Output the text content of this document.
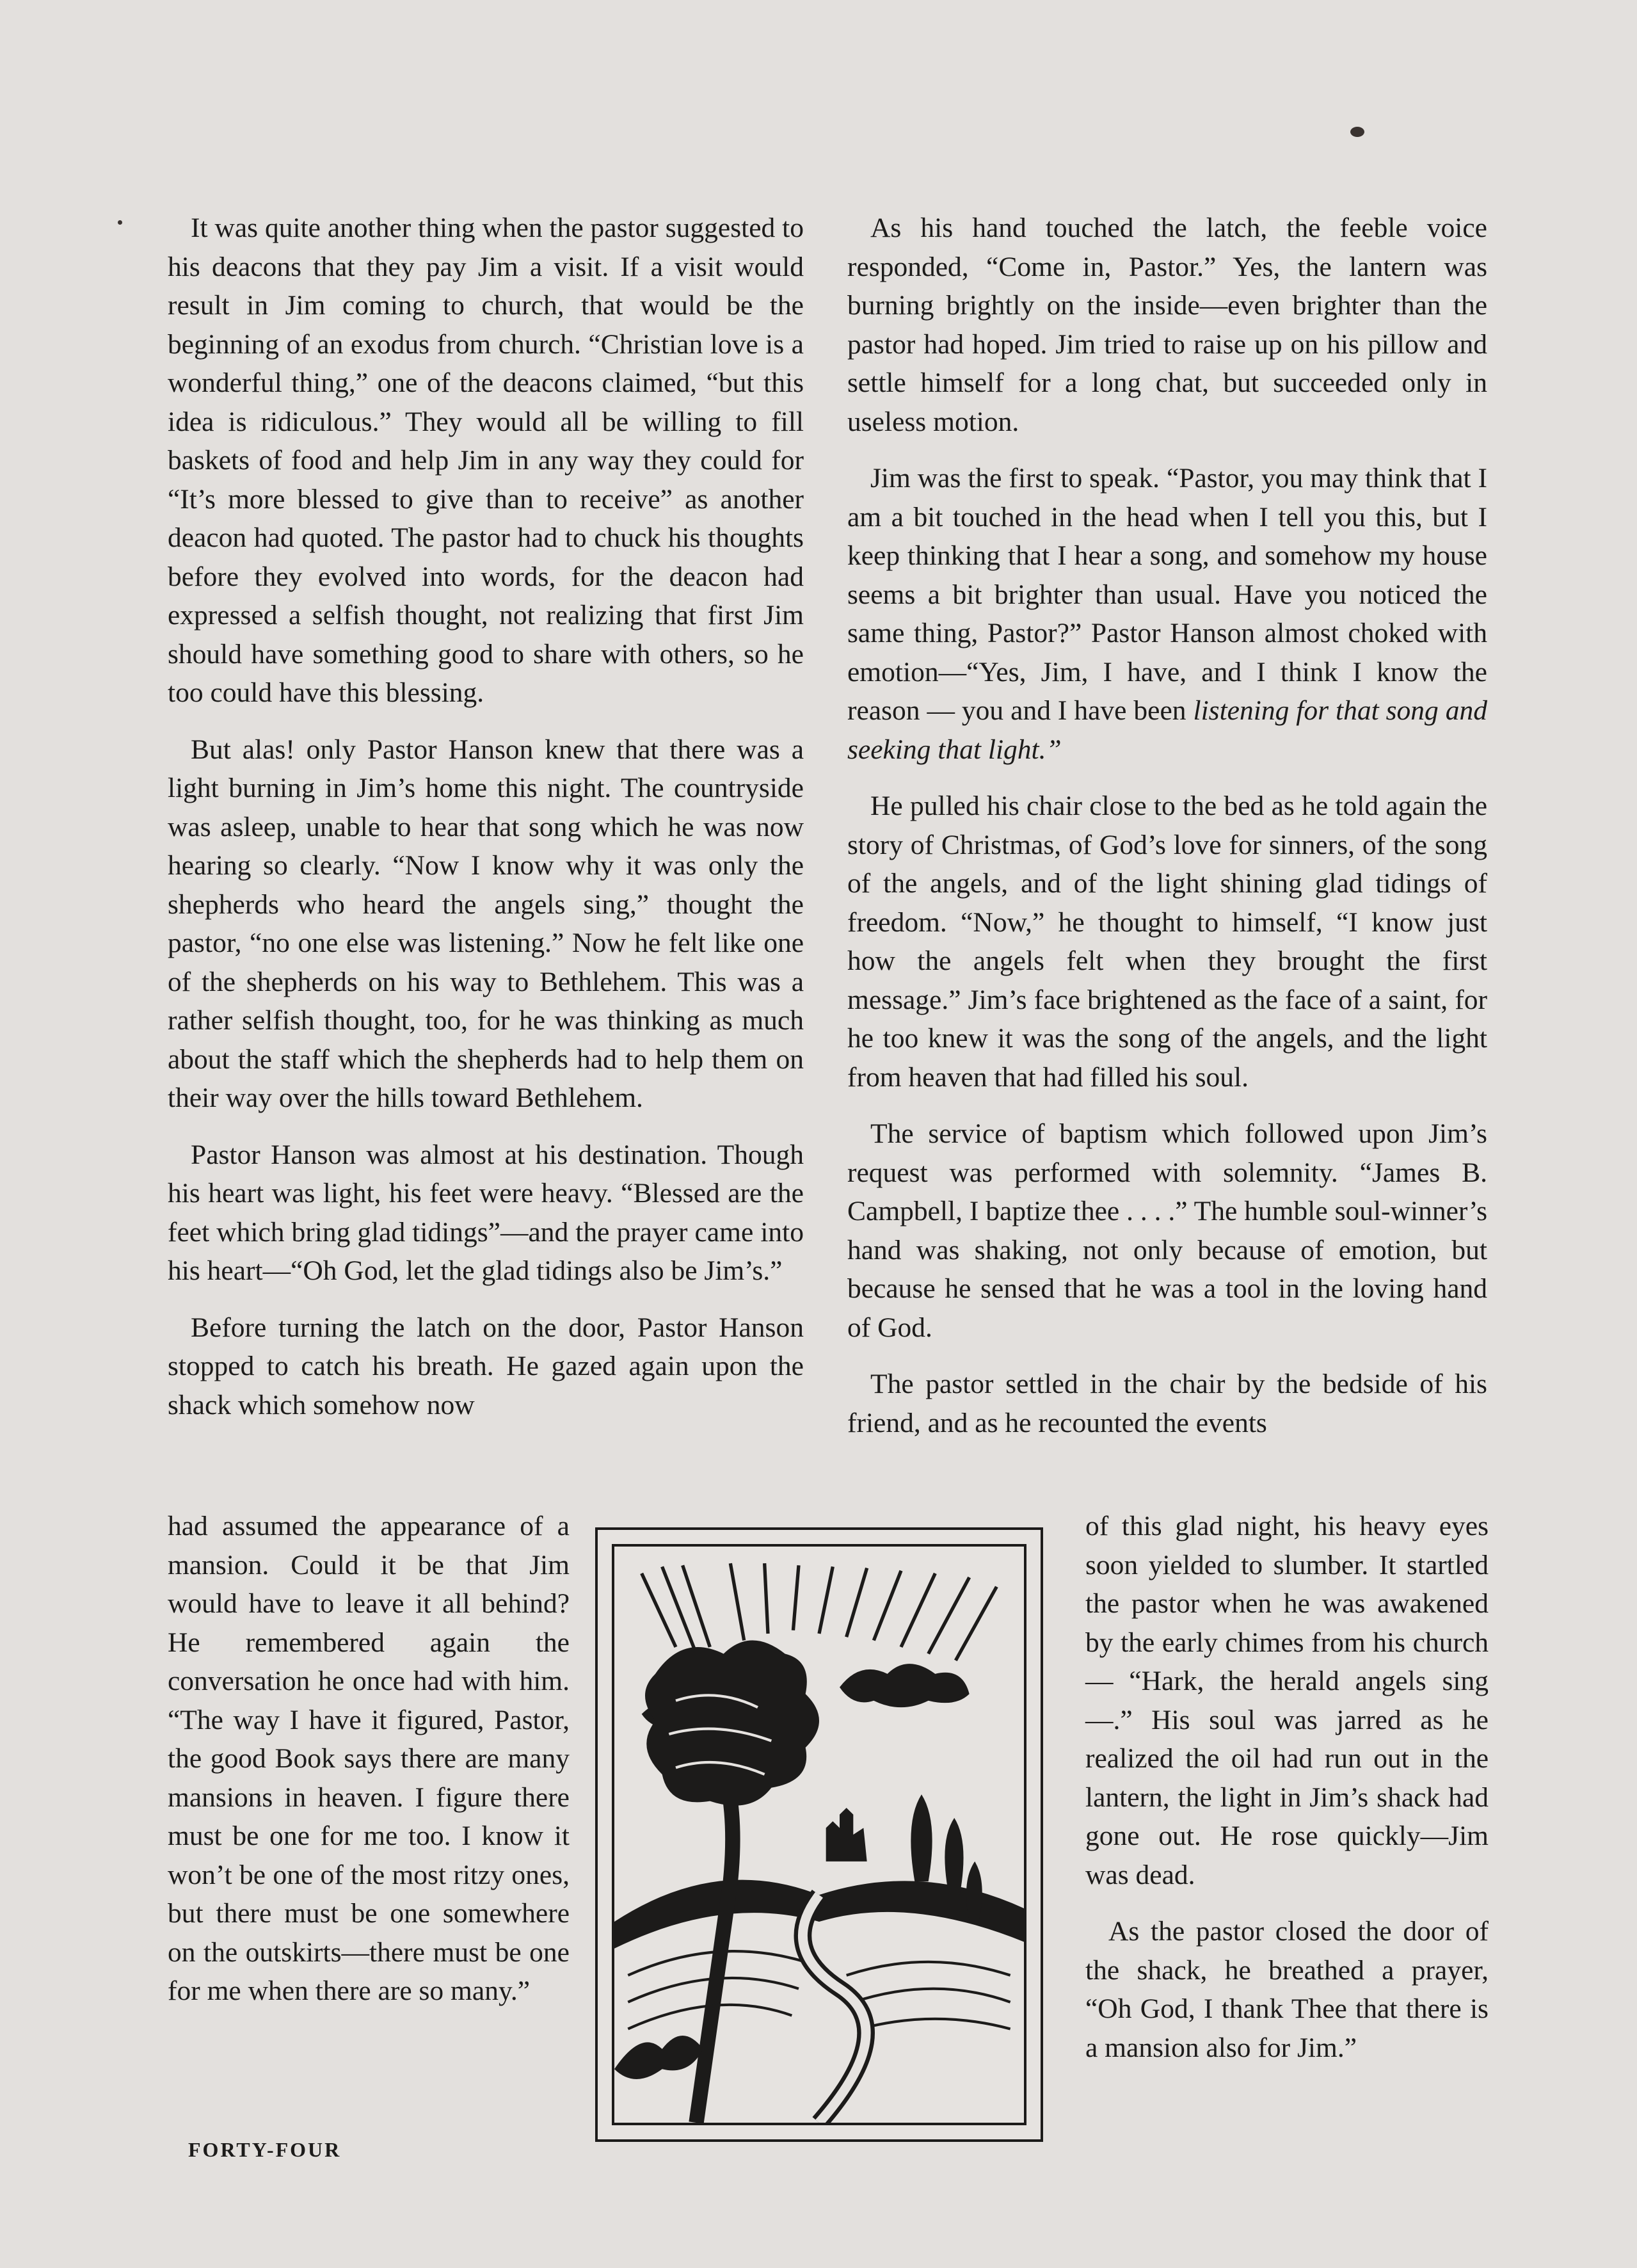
It was quite another thing when the pastor suggested to his deacons that they pay Jim a visit. If a visit would result in Jim coming to church, that would be the beginning of an exodus from church. “Christian love is a wonderful thing,” one of the deacons claimed, “but this idea is ridiculous.” They would all be willing to fill baskets of food and help Jim in any way they could for “It’s more blessed to give than to receive” as another deacon had quoted. The pastor had to chuck his thoughts before they evolved into words, for the deacon had expressed a selfish thought, not realizing that first Jim should have something good to share with others, so he too could have this blessing.

But alas! only Pastor Hanson knew that there was a light burning in Jim’s home this night. The countryside was asleep, unable to hear that song which he was now hearing so clearly. “Now I know why it was only the shepherds who heard the angels sing,” thought the pastor, “no one else was listening.” Now he felt like one of the shepherds on his way to Bethlehem. This was a rather selfish thought, too, for he was thinking as much about the staff which the shepherds had to help them on their way over the hills toward Bethlehem.

Pastor Hanson was almost at his destination. Though his heart was light, his feet were heavy. “Blessed are the feet which bring glad tidings”—and the prayer came into his heart—“Oh God, let the glad tidings also be Jim’s.”

Before turning the latch on the door, Pastor Hanson stopped to catch his breath. He gazed again upon the shack which somehow now

had assumed the appearance of a mansion. Could it be that Jim would have to leave it all behind? He remembered again the conversation he once had with him. “The way I have it figured, Pastor, the good Book says there are many mansions in heaven. I figure there must be one for me too. I know it won’t be one of the most ritzy ones, but there must be one somewhere on the outskirts—there must be one for me when there are so many.”

As his hand touched the latch, the feeble voice responded, “Come in, Pastor.” Yes, the lantern was burning brightly on the inside—even brighter than the pastor had hoped. Jim tried to raise up on his pillow and settle himself for a long chat, but succeeded only in useless motion.

Jim was the first to speak. “Pastor, you may think that I am a bit touched in the head when I tell you this, but I keep thinking that I hear a song, and somehow my house seems a bit brighter than usual. Have you noticed the same thing, Pastor?” Pastor Hanson almost choked with emotion—“Yes, Jim, I have, and I think I know the reason — you and I have been listening for that song and seeking that light.”

He pulled his chair close to the bed as he told again the story of Christmas, of God’s love for sinners, of the song of the angels, and of the light shining glad tidings of freedom. “Now,” he thought to himself, “I know just how the angels felt when they brought the first message.” Jim’s face brightened as the face of a saint, for he too knew it was the song of the angels, and the light from heaven that had filled his soul.

The service of baptism which followed upon Jim’s request was performed with solemnity. “James B. Campbell, I baptize thee . . . .” The humble soul-winner’s hand was shaking, not only because of emotion, but because he sensed that he was a tool in the loving hand of God.

The pastor settled in the chair by the bedside of his friend, and as he recounted the events

of this glad night, his heavy eyes soon yielded to slumber. It startled the pastor when he was awakened by the early chimes from his church — “Hark, the herald angels sing—.” His soul was jarred as he realized the oil had run out in the lantern, the light in Jim’s shack had gone out. He rose quickly—Jim was dead.

As the pastor closed the door of the shack, he breathed a prayer, “Oh God, I thank Thee that there is a mansion also for Jim.”

FORTY-FOUR
